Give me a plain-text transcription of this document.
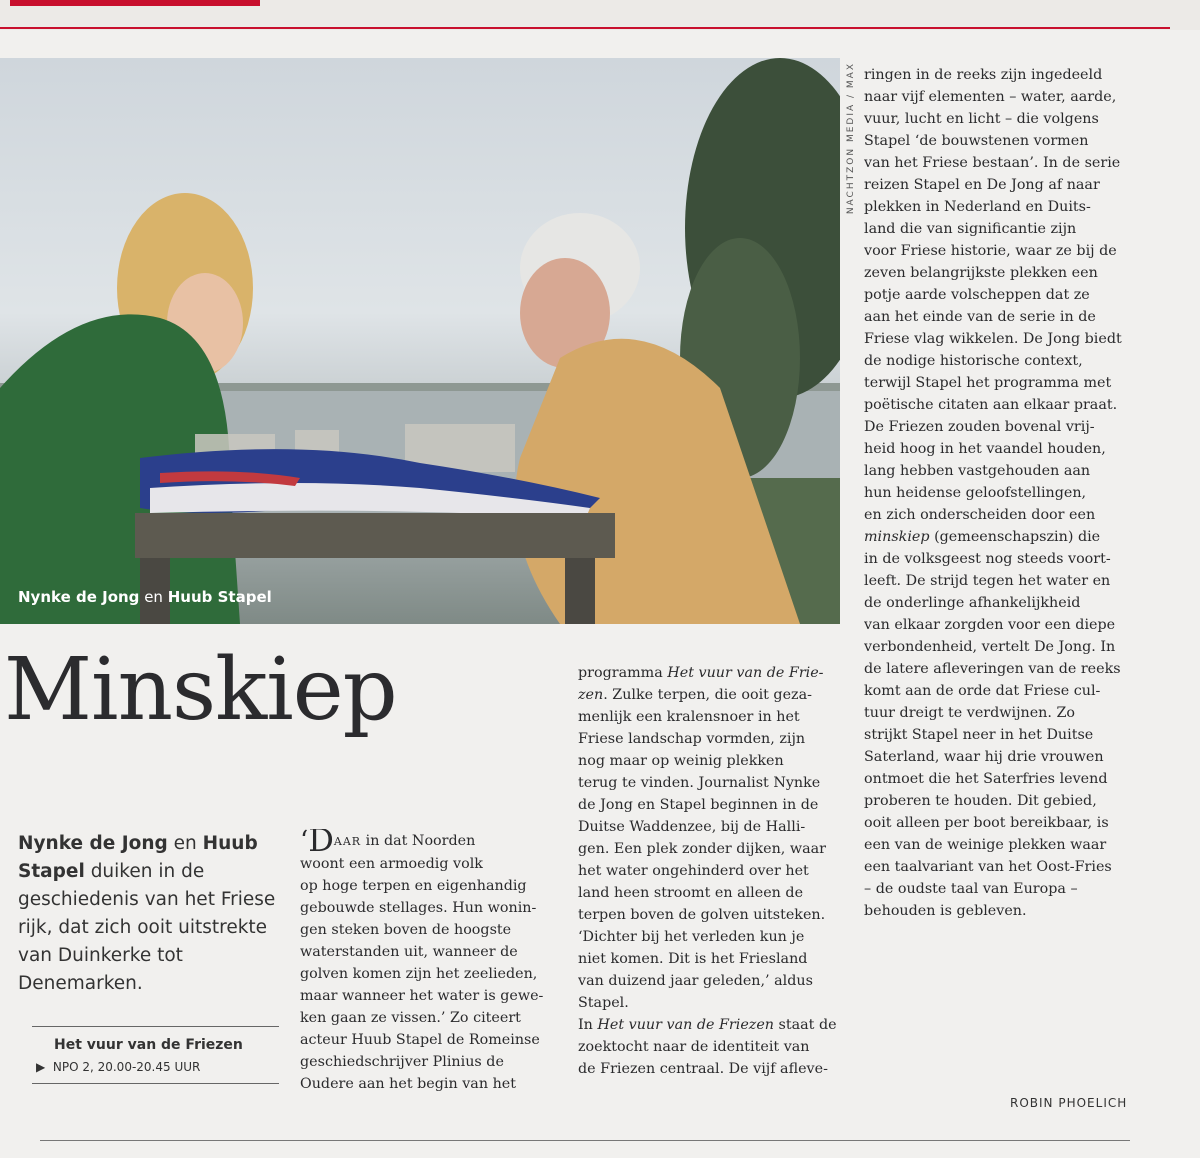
Nynke de Jong en Huub Stapel
NACHTZON MEDIA / MAX
Minskiep
Nynke de Jong en Huub Stapel duiken in de geschiedenis van het Friese rijk, dat zich ooit uitstrekte van Duinkerke tot Denemarken.
Het vuur van de Friezen
▶  NPO 2, 20.00-20.45 UUR
‘DAAR in dat Noorden
woont een armoedig volk
op hoge terpen en eigenhandig
gebouwde stellages. Hun wonin-
gen steken boven de hoogste
waterstanden uit, wanneer de
golven komen zijn het zeelieden,
maar wanneer het water is gewe-
ken gaan ze vissen.’ Zo citeert
acteur Huub Stapel de Romeinse
geschiedschrijver Plinius de
Oudere aan het begin van het
programma Het vuur van de Frie-
zen. Zulke terpen, die ooit geza-
menlijk een kralensnoer in het
Friese landschap vormden, zijn
nog maar op weinig plekken
terug te vinden. Journalist Nynke
de Jong en Stapel beginnen in de
Duitse Waddenzee, bij de Halli-
gen. Een plek zonder dijken, waar
het water ongehinderd over het
land heen stroomt en alleen de
terpen boven de golven uitsteken.
‘Dichter bij het verleden kun je
niet komen. Dit is het Friesland
van duizend jaar geleden,’ aldus
Stapel.
In Het vuur van de Friezen staat de
zoektocht naar de identiteit van
de Friezen centraal. De vijf afleve-
ringen in de reeks zijn ingedeeld
naar vijf elementen – water, aarde,
vuur, lucht en licht – die volgens
Stapel ‘de bouwstenen vormen
van het Friese bestaan’. In de serie
reizen Stapel en De Jong af naar
plekken in Nederland en Duits-
land die van significantie zijn
voor Friese historie, waar ze bij de
zeven belangrijkste plekken een
potje aarde volscheppen dat ze
aan het einde van de serie in de
Friese vlag wikkelen. De Jong biedt
de nodige historische context,
terwijl Stapel het programma met
poëtische citaten aan elkaar praat.
De Friezen zouden bovenal vrij-
heid hoog in het vaandel houden,
lang hebben vastgehouden aan
hun heidense geloofstellingen,
en zich onderscheiden door een
minskiep (gemeenschapszin) die
in de volksgeest nog steeds voort-
leeft. De strijd tegen het water en
de onderlinge afhankelijkheid
van elkaar zorgden voor een diepe
verbondenheid, vertelt De Jong. In
de latere afleveringen van de reeks
komt aan de orde dat Friese cul-
tuur dreigt te verdwijnen. Zo
strijkt Stapel neer in het Duitse
Saterland, waar hij drie vrouwen
ontmoet die het Saterfries levend
proberen te houden. Dit gebied,
ooit alleen per boot bereikbaar, is
een van de weinige plekken waar
een taalvariant van het Oost-Fries
– de oudste taal van Europa –
behouden is gebleven.
ROBIN PHOELICH
